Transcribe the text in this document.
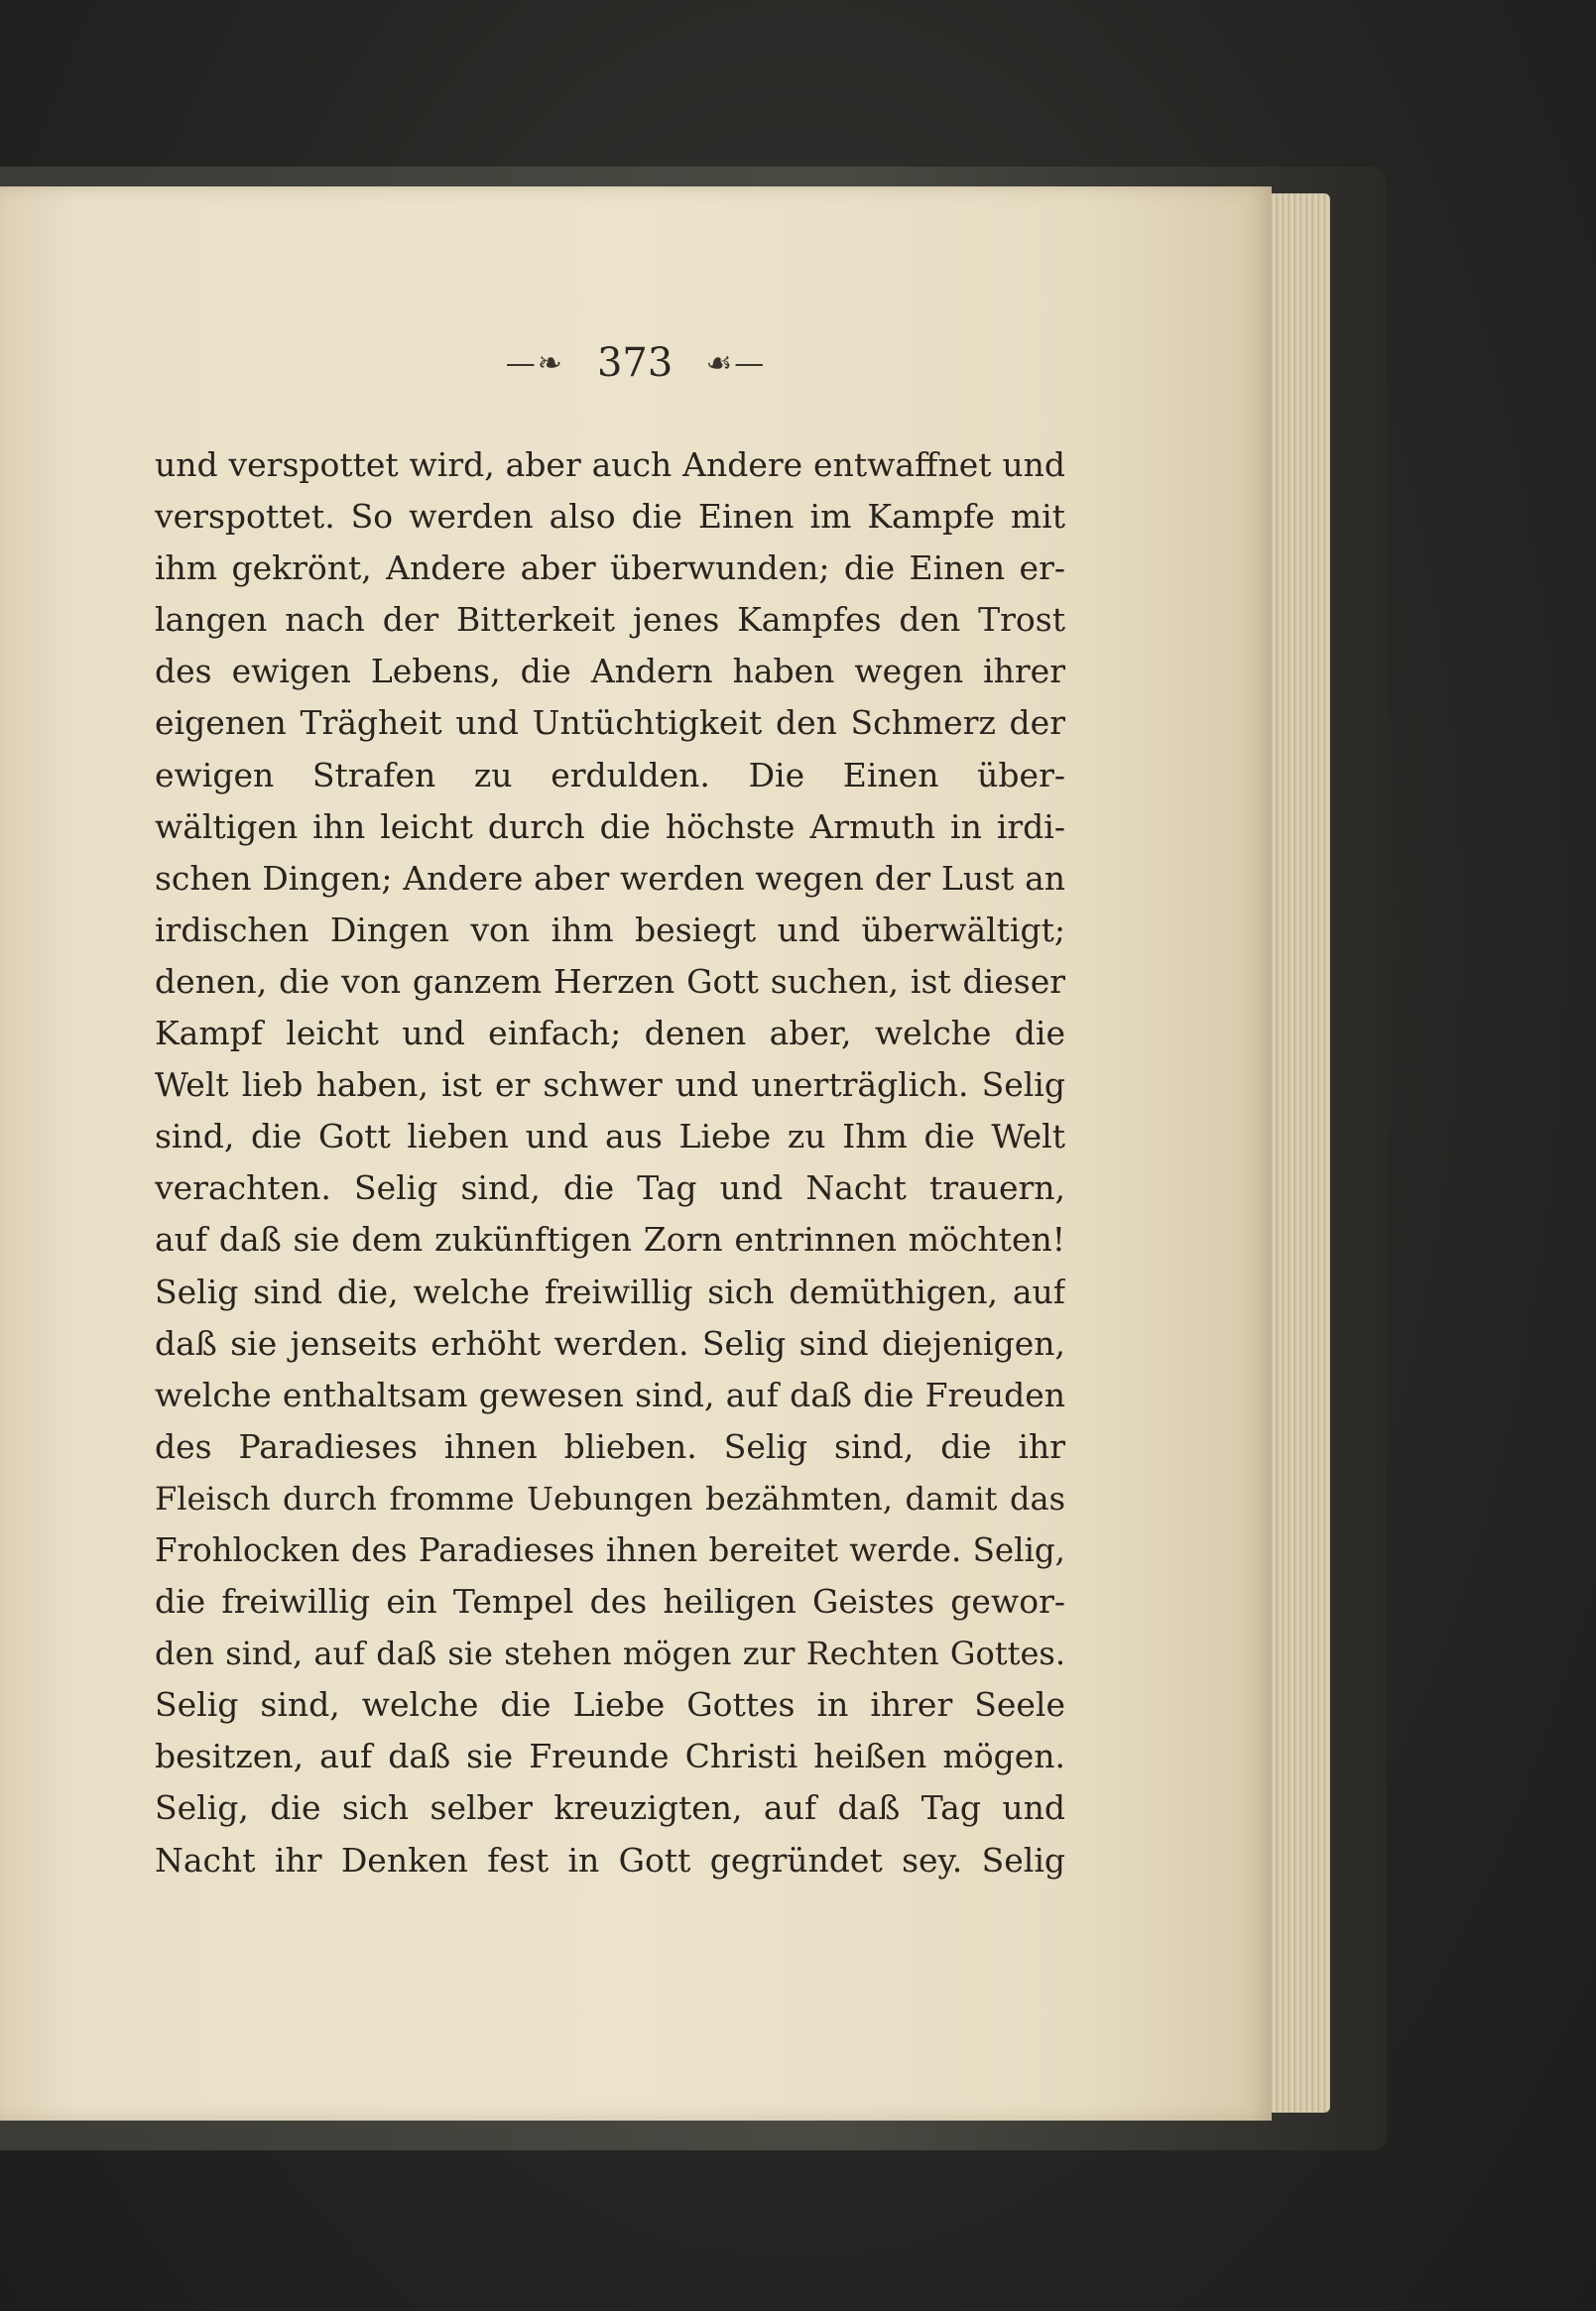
—❧ 373 ☙—
und verspottet wird, aber auch Andere entwaffnet und
verspottet. So werden also die Einen im Kampfe mit
ihm gekrönt, Andere aber überwunden; die Einen er-
langen nach der Bitterkeit jenes Kampfes den Trost
des ewigen Lebens, die Andern haben wegen ihrer
eigenen Trägheit und Untüchtigkeit den Schmerz der
ewigen Strafen zu erdulden. Die Einen über-
wältigen ihn leicht durch die höchste Armuth in irdi-
schen Dingen; Andere aber werden wegen der Lust an
irdischen Dingen von ihm besiegt und überwältigt;
denen, die von ganzem Herzen Gott suchen, ist dieser
Kampf leicht und einfach; denen aber, welche die
Welt lieb haben, ist er schwer und unerträglich. Selig
sind, die Gott lieben und aus Liebe zu Ihm die Welt
verachten. Selig sind, die Tag und Nacht trauern,
auf daß sie dem zukünftigen Zorn entrinnen möchten!
Selig sind die, welche freiwillig sich demüthigen, auf
daß sie jenseits erhöht werden. Selig sind diejenigen,
welche enthaltsam gewesen sind, auf daß die Freuden
des Paradieses ihnen blieben. Selig sind, die ihr
Fleisch durch fromme Uebungen bezähmten, damit das
Frohlocken des Paradieses ihnen bereitet werde. Selig,
die freiwillig ein Tempel des heiligen Geistes gewor-
den sind, auf daß sie stehen mögen zur Rechten Gottes.
Selig sind, welche die Liebe Gottes in ihrer Seele
besitzen, auf daß sie Freunde Christi heißen mögen.
Selig, die sich selber kreuzigten, auf daß Tag und
Nacht ihr Denken fest in Gott gegründet sey. Selig
